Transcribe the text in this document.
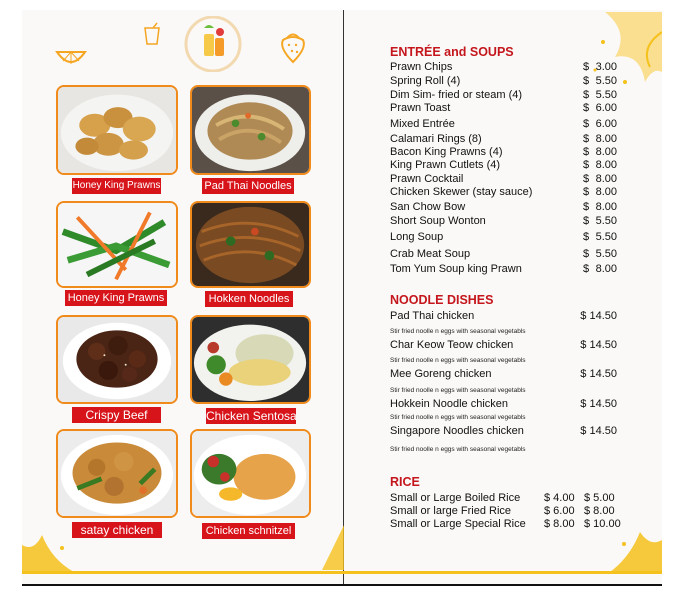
Honey King Prawns	Pad Thai Noodles
Honey King Prawns	Hokken Noodles
Crispy Beef	Chicken Sentosa
satay chicken	Chicken schnitzel
ENTRÉE and SOUPS
Prawn Chips	$ 3.00
Spring Roll (4)	$ 5.50
Dim Sim- fried or steam (4)	$ 5.50
Prawn Toast	$ 6.00
Mixed Entrée	$ 6.00
Calamari Rings (8)	$ 8.00
Bacon King Prawns (4)	$ 8.00
King Prawn Cutlets (4)	$ 8.00
Prawn Cocktail	$ 8.00
Chicken Skewer (stay sauce)	$ 8.00
San Chow Bow	$ 8.00
Short Soup Wonton	$ 5.50
Long Soup	$ 5.50
Crab Meat Soup	$ 5.50
Tom Yum Soup king Prawn	$ 8.00
NOODLE DISHES
Pad Thai chicken	$ 14.50
Stir fried noolle n eggs with seasonal vegetabls
Char Keow Teow chicken	$ 14.50
Stir fried noolle n eggs with seasonal vegetabls
Mee Goreng chicken	$ 14.50
Stir fried noolle n eggs with seasonal vegetabls
Hokkein Noodle chicken	$ 14.50
Stir fried noolle n eggs with seasonal vegetabls
Singapore Noodles chicken	$ 14.50
Stir fried noolle n eggs with seasonal vegetabls
RICE
Small or Large Boiled Rice $ 4.00 $ 5.00
Small or large Fried Rice	$ 6.00 $ 8.00
Small or Large Special Rice $ 8.00 $ 10.00
